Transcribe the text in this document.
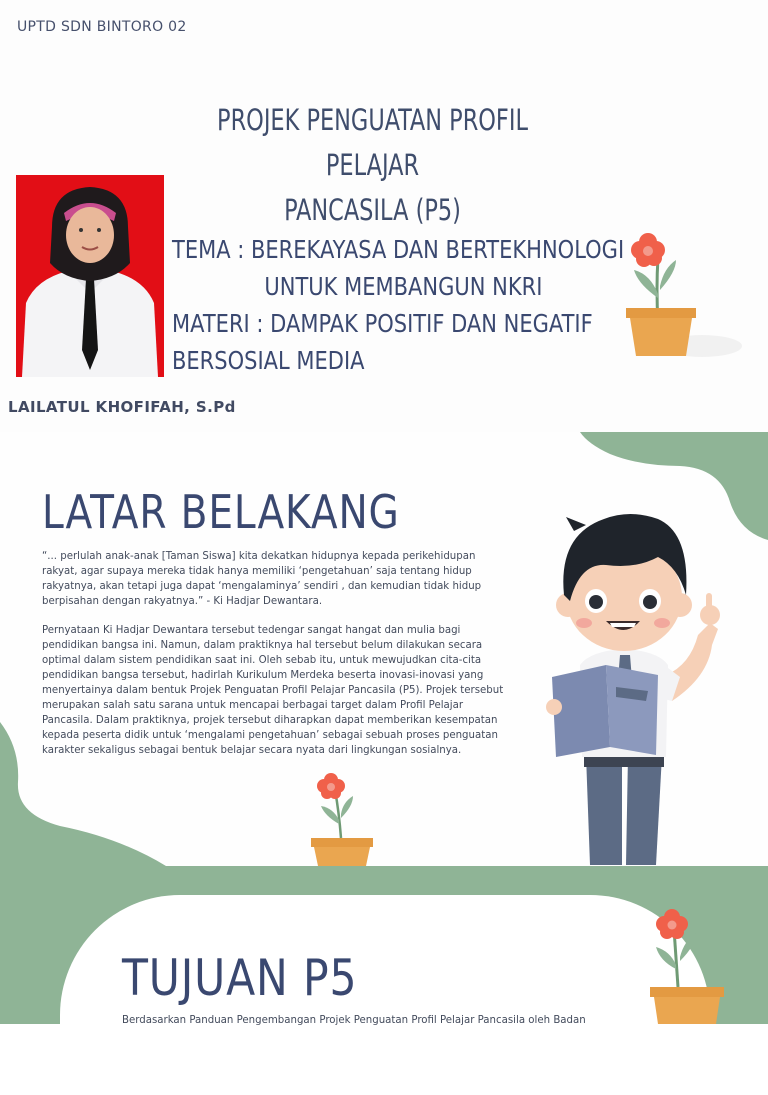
UPTD SDN BINTORO 02
PROJEK PENGUATAN PROFIL PELAJAR
PANCASILA (P5)
TEMA : BEREKAYASA DAN BERTEKHNOLOGI
UNTUK MEMBANGUN NKRI
MATERI : DAMPAK POSITIF DAN NEGATIF
BERSOSIAL MEDIA
LAILATUL KHOFIFAH, S.Pd
LATAR BELAKANG

“... perlulah anak-anak [Taman Siswa] kita dekatkan hidupnya kepada perikehidupan rakyat, agar supaya mereka tidak hanya memiliki ‘pengetahuan’ saja tentang hidup rakyatnya, akan tetapi juga dapat ‘mengalaminya’ sendiri , dan kemudian tidak hidup berpisahan dengan rakyatnya.” - Ki Hadjar Dewantara.

Pernyataan Ki Hadjar Dewantara tersebut tedengar sangat hangat dan mulia bagi pendidikan bangsa ini. Namun, dalam praktiknya hal tersebut belum dilakukan secara optimal dalam sistem pendidikan saat ini. Oleh sebab itu, untuk mewujudkan cita-cita pendidikan bangsa tersebut, hadirlah Kurikulum Merdeka beserta inovasi-inovasi yang menyertainya dalam bentuk Projek Penguatan Profil Pelajar Pancasila (P5). Projek tersebut merupakan salah satu sarana untuk mencapai berbagai target dalam Profil Pelajar Pancasila. Dalam praktiknya, projek tersebut diharapkan dapat memberikan kesempatan kepada peserta didik untuk ‘mengalami pengetahuan’ sebagai sebuah proses penguatan karakter sekaligus sebagai bentuk belajar secara nyata dari lingkungan sosialnya.

TUJUAN P5
Berdasarkan Panduan Pengembangan Projek Penguatan Profil Pelajar Pancasila oleh Badan
